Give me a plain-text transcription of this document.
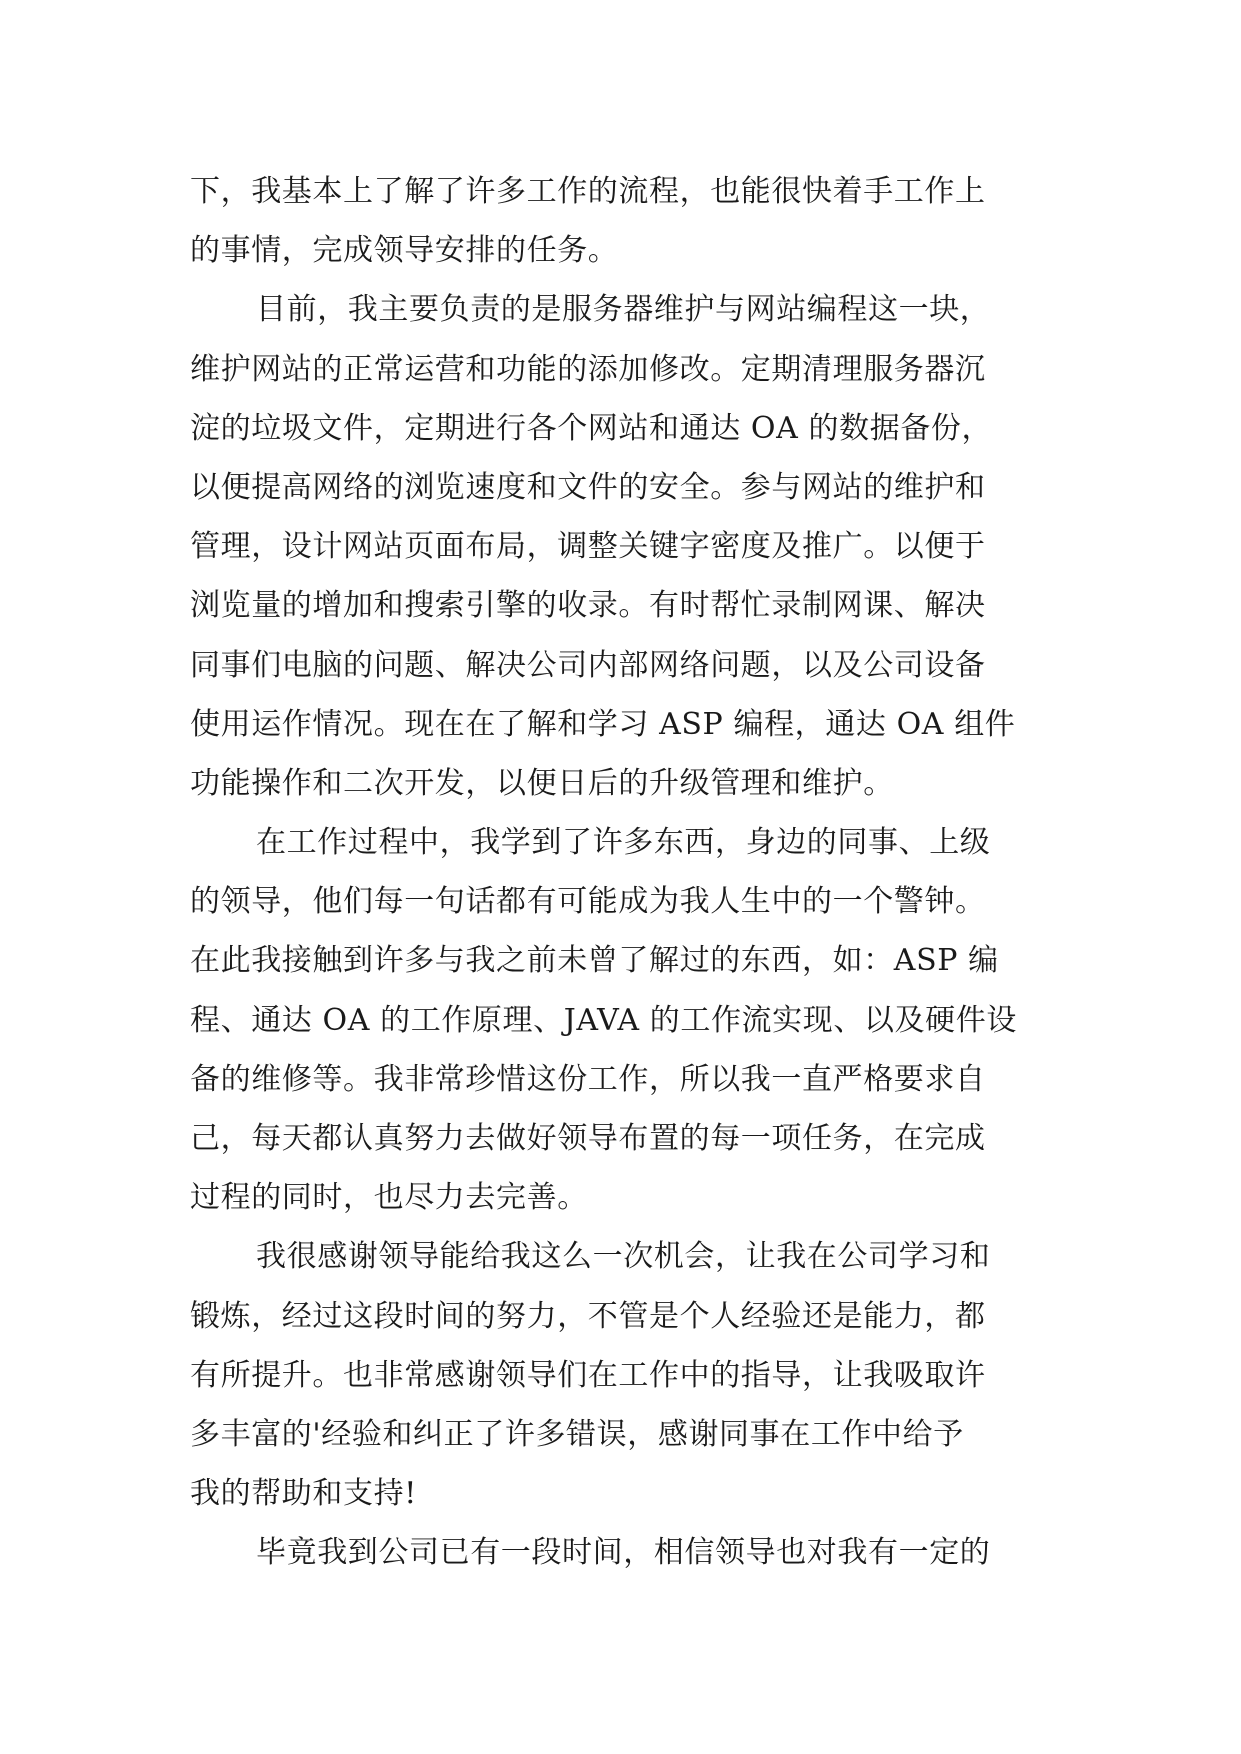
下，我基本上了解了许多工作的流程，也能很快着手工作上
的事情，完成领导安排的任务。
目前，我主要负责的是服务器维护与网站编程这一块，
维护网站的正常运营和功能的添加修改。定期清理服务器沉
淀的垃圾文件，定期进行各个网站和通达 OA 的数据备份，
以便提高网络的浏览速度和文件的安全。参与网站的维护和
管理，设计网站页面布局，调整关键字密度及推广。以便于
浏览量的增加和搜索引擎的收录。有时帮忙录制网课、解决
同事们电脑的问题、解决公司内部网络问题，以及公司设备
使用运作情况。现在在了解和学习 ASP 编程，通达 OA 组件
功能操作和二次开发，以便日后的升级管理和维护。
在工作过程中，我学到了许多东西，身边的同事、上级
的领导，他们每一句话都有可能成为我人生中的一个警钟。
在此我接触到许多与我之前未曾了解过的东西，如：ASP 编
程、通达 OA 的工作原理、JAVA 的工作流实现、以及硬件设
备的维修等。我非常珍惜这份工作，所以我一直严格要求自
己，每天都认真努力去做好领导布置的每一项任务，在完成
过程的同时，也尽力去完善。
我很感谢领导能给我这么一次机会，让我在公司学习和
锻炼，经过这段时间的努力，不管是个人经验还是能力，都
有所提升。也非常感谢领导们在工作中的指导，让我吸取许
多丰富的'经验和纠正了许多错误，感谢同事在工作中给予
我的帮助和支持!
毕竟我到公司已有一段时间，相信领导也对我有一定的
